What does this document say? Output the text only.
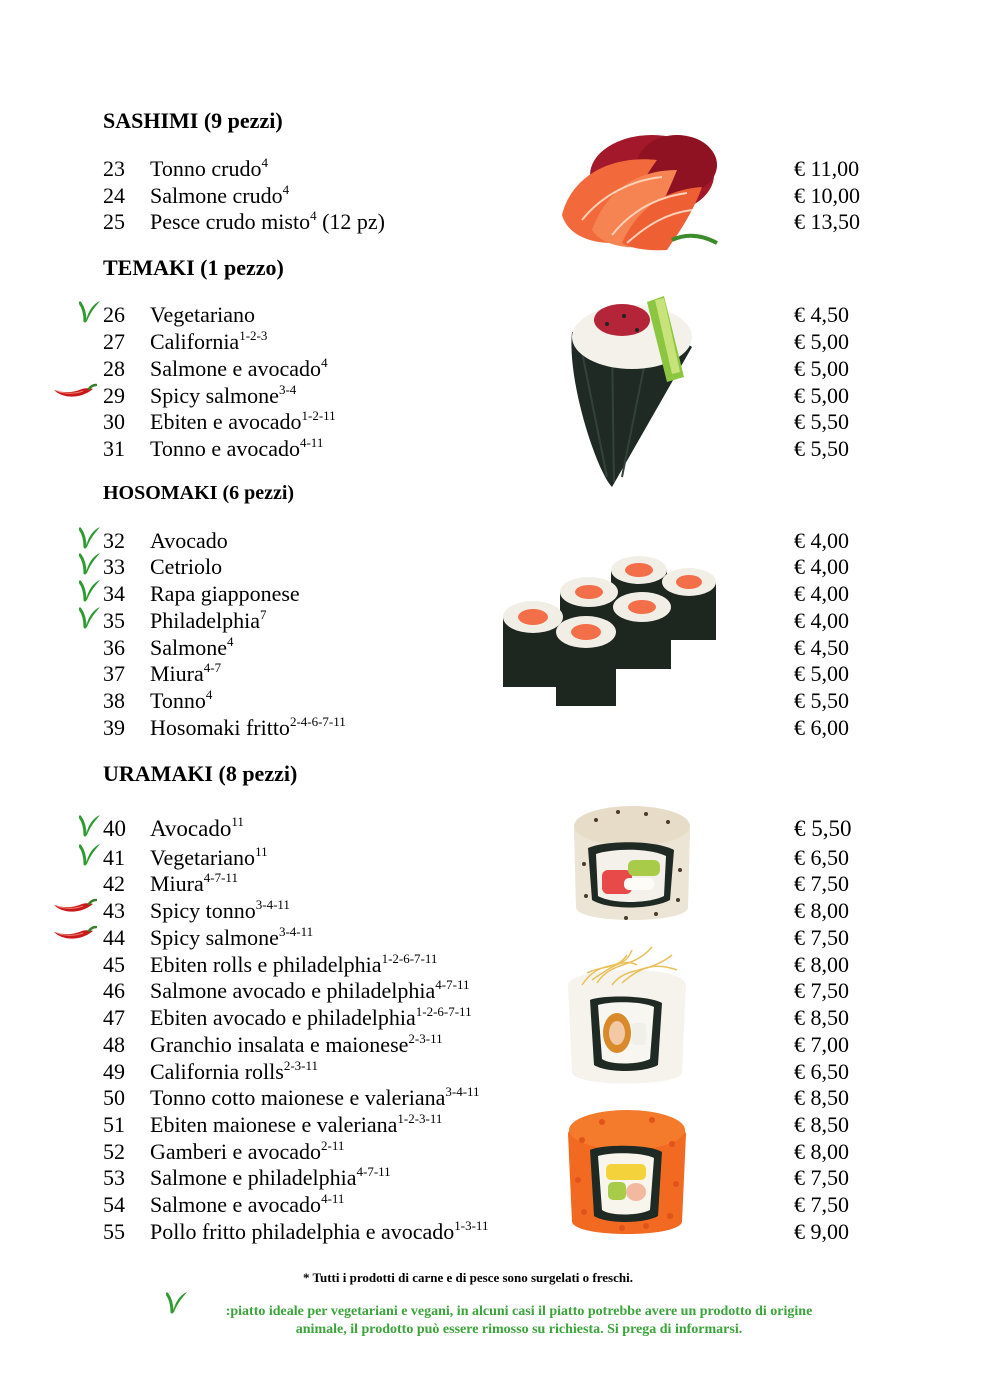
SASHIMI (9 pezzi)
23 Tonno crudo$^4$	€ 11,00
24 Salmone crudo$^4$	€ 10,00
25 Pesce crudo misto$^4$ (12 pz)	€ 13,50
TEMAKI (1 pezzo)
26 Vegetariano	€ 4,50
27 California$^{1-2-3}$	€ 5,00
28 Salmone e avocado$^4$	€ 5,00
29 Spicy salmone$^{3-4}$	€ 5,00
30 Ebiten e avocado$^{1-2-11}$	€ 5,50
31 Tonno e avocado$^{4-11}$	€ 5,50
HOSOMAKI (6 pezzi)
32 Avocado	€ 4,00
33 Cetriolo	€ 4,00
34 Rapa giapponese	€ 4,00
35 Philadelphia$^7$	€ 4,00
36 Salmone$^4$	€ 4,50
37 Miura$^{4-7}$	€ 5,00
38 Tonno$^4$	€ 5,50
39 Hosomaki fritto$^{2-4-6-7-11}$	€ 6,00
URAMAKI (8 pezzi)
40 Avocado$^{11}$	€ 5,50
41 Vegetariano$^{11}$	€ 6,50
42 Miura$^{4-7-11}$	€ 7,50
43 Spicy tonno$^{3-4-11}$	€ 8,00
44 Spicy salmone$^{3-4-11}$	€ 7,50
45 Ebiten rolls e philadelphia$^{1-2-6-7-11}$	€ 8,00
46 Salmone avocado e philadelphia$^{4-7-11}$	€ 7,50
47 Ebiten avocado e philadelphia$^{1-2-6-7-11}$	€ 8,50
48 Granchio insalata e maionese$^{2-3-11}$	€ 7,00
49 California rolls$^{2-3-11}$	€ 6,50
50 Tonno cotto maionese e valeriana$^{3-4-11}$	€ 8,50
51 Ebiten maionese e valeriana$^{1-2-3-11}$	€ 8,50
52 Gamberi e avocado$^{2-11}$	€ 8,00
53 Salmone e philadelphia$^{4-7-11}$	€ 7,50
54 Salmone e avocado$^{4-11}$	€ 7,50
55 Pollo fritto philadelphia e avocado$^{1-3-11}$	€ 9,00
* Tutti i prodotti di carne e di pesce sono surgelati o freschi.
:piatto ideale per vegetariani e vegani, in alcuni casi il piatto potrebbe avere un prodotto di origine
animale, il prodotto può essere rimosso su richiesta. Si prega di informarsi.
